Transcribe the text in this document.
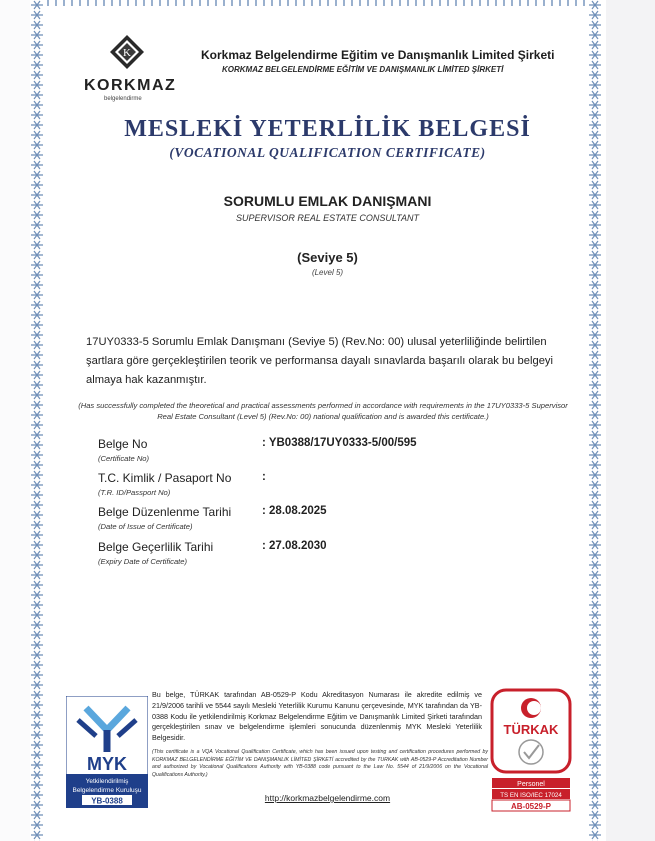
K
KORKMAZ
belgelendirme
Korkmaz Belgelendirme Eğitim ve Danışmanlık Limited Şirketi
KORKMAZ BELGELENDİRME EĞİTİM VE DANIŞMANLIK LİMİTED ŞİRKETİ
MESLEKİ YETERLİLİK BELGESİ
(VOCATIONAL QUALIFICATION CERTIFICATE)
SORUMLU EMLAK DANIŞMANI
SUPERVISOR REAL ESTATE CONSULTANT
(Seviye 5)
(Level 5)
17UY0333-5 Sorumlu Emlak Danışmanı (Seviye 5) (Rev.No: 00) ulusal yeterliliğinde belirtilen şartlara göre gerçekleştirilen teorik ve performansa dayalı sınavlarda başarılı olarak bu belgeyi almaya hak kazanmıştır.
(Has successfully completed the theoretical and practical assessments performed in accordance with requirements in the 17UY0333-5 Supervisor Real Estate Consultant (Level 5) (Rev.No: 00) national qualification and is awarded this certificate.)
Belge No
(Certificate No)
: YB0388/17UY0333-5/00/595
T.C. Kimlik / Pasaport No
(T.R. ID/Passport No)
:
Belge Düzenlenme Tarihi
(Date of Issue of Certificate)
: 28.08.2025
Belge Geçerlilik Tarihi
(Expiry Date of Certificate)
: 27.08.2030
MYK
Yetkilendirilmiş
Belgelendirme Kuruluşu
YB-0388
Bu belge, TÜRKAK tarafından AB-0529-P Kodu Akreditasyon Numarası ile akredite edilmiş ve 21/9/2006 tarihli ve 5544 sayılı Mesleki Yeterlilik Kurumu Kanunu çerçevesinde, MYK tarafından da YB-0388 Kodu ile yetkilendirilmiş Korkmaz Belgelendirme Eğitim ve Danışmanlık Limited Şirketi tarafından gerçekleştirilen sınav ve belgelendirme işlemleri sonucunda düzenlenmiş MYK Mesleki Yeterlilik Belgesidir.
(This certificate is a VQA Vocational Qualification Certificate, which has been issued upon testing and certification procedures performed by KORKMAZ BELGELENDİRME EĞİTİM VE DANIŞMANLIK LİMİTED ŞİRKETİ accredited by the TURKAK with AB-0529-P Accreditation Number and authorized by Vocational Qualifications Authority with YB-0388 code pursuant to the Law No. 5544 of 21/9/2006 on the Vocational Qualifications Authority.)
http://korkmazbelgelendirme.com
TÜRKAK
Personel
TS EN ISO/IEC 17024
AB-0529-P
